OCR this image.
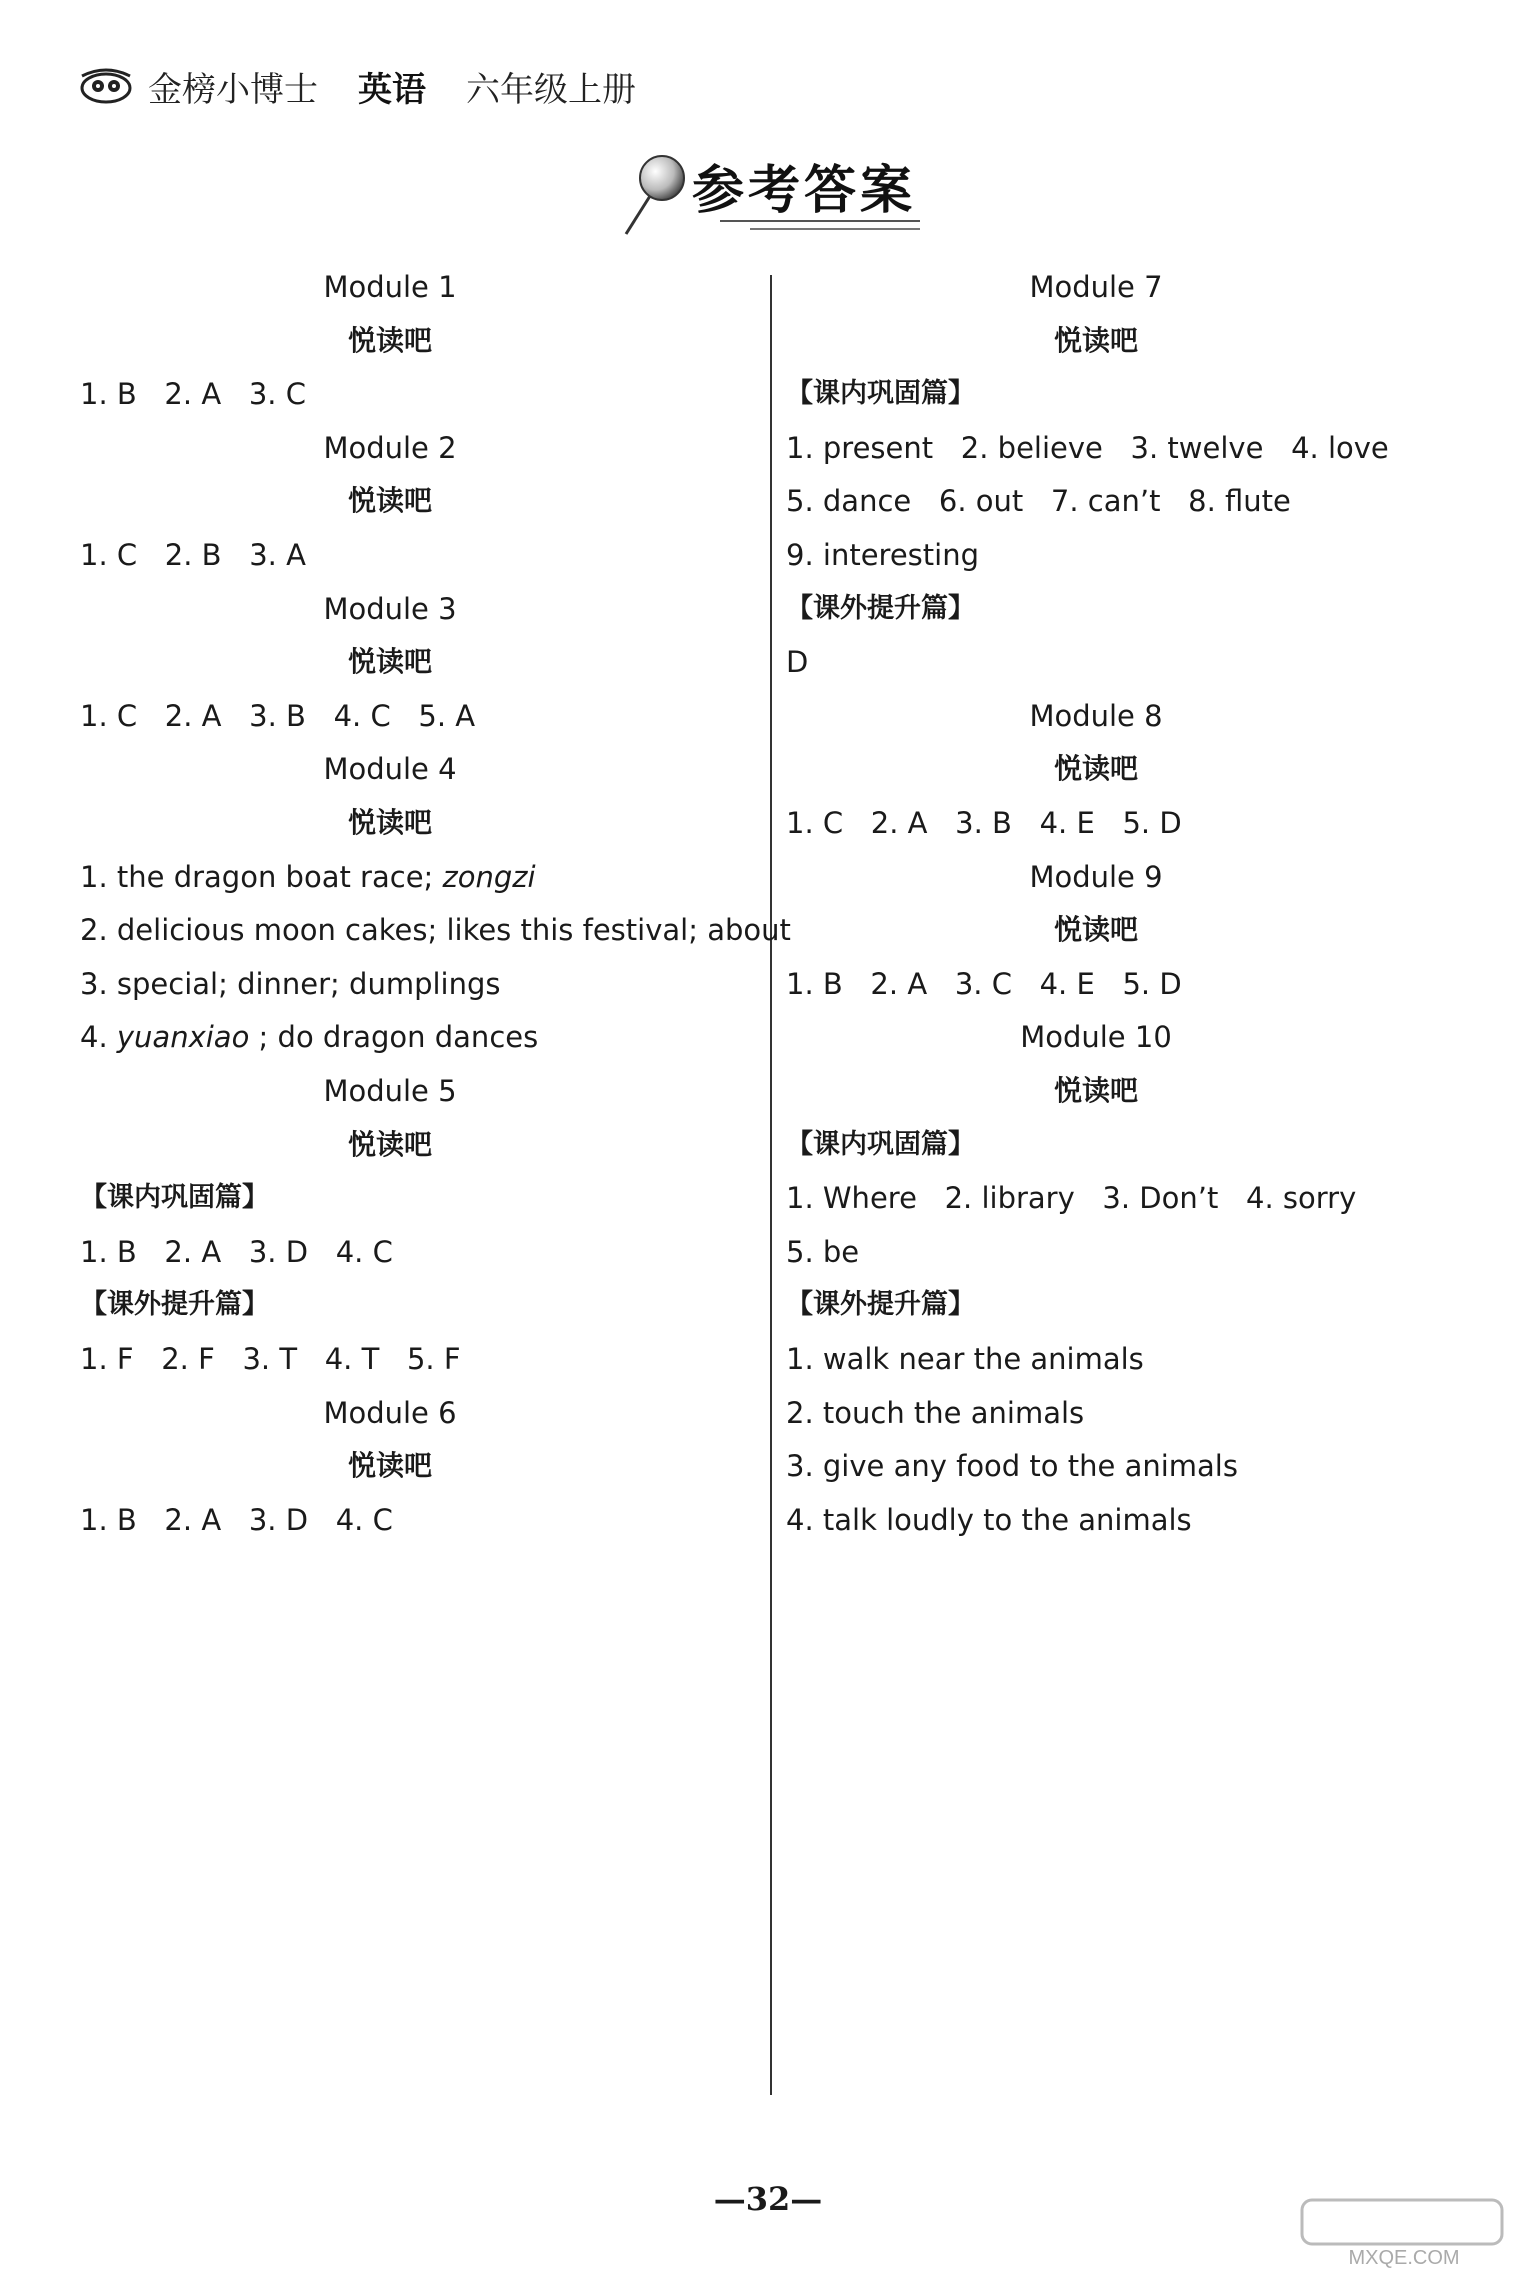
金榜小博士 英语 六年级上册
参考答案
Module 1
悦读吧
1. B   2. A   3. C
Module 2
悦读吧
1. C   2. B   3. A
Module 3
悦读吧
1. C   2. A   3. B   4. C   5. A
Module 4
悦读吧
1. the dragon boat race; zongzi
2. delicious moon cakes; likes this festival; about
3. special; dinner; dumplings
4. yuanxiao ; do dragon dances
Module 5
悦读吧
【课内巩固篇】
1. B   2. A   3. D   4. C
【课外提升篇】
1. F   2. F   3. T   4. T   5. F
Module 6
悦读吧
1. B   2. A   3. D   4. C
Module 7
悦读吧
【课内巩固篇】
1. present   2. believe   3. twelve   4. love
5. dance   6. out   7. can’t   8. flute
9. interesting
【课外提升篇】
D
Module 8
悦读吧
1. C   2. A   3. B   4. E   5. D
Module 9
悦读吧
1. B   2. A   3. C   4. E   5. D
Module 10
悦读吧
【课内巩固篇】
1. Where   2. library   3. Don’t   4. sorry
5. be
【课外提升篇】
1. walk near the animals
2. touch the animals
3. give any food to the animals
4. talk loudly to the animals
—32—
MXQE.COM
